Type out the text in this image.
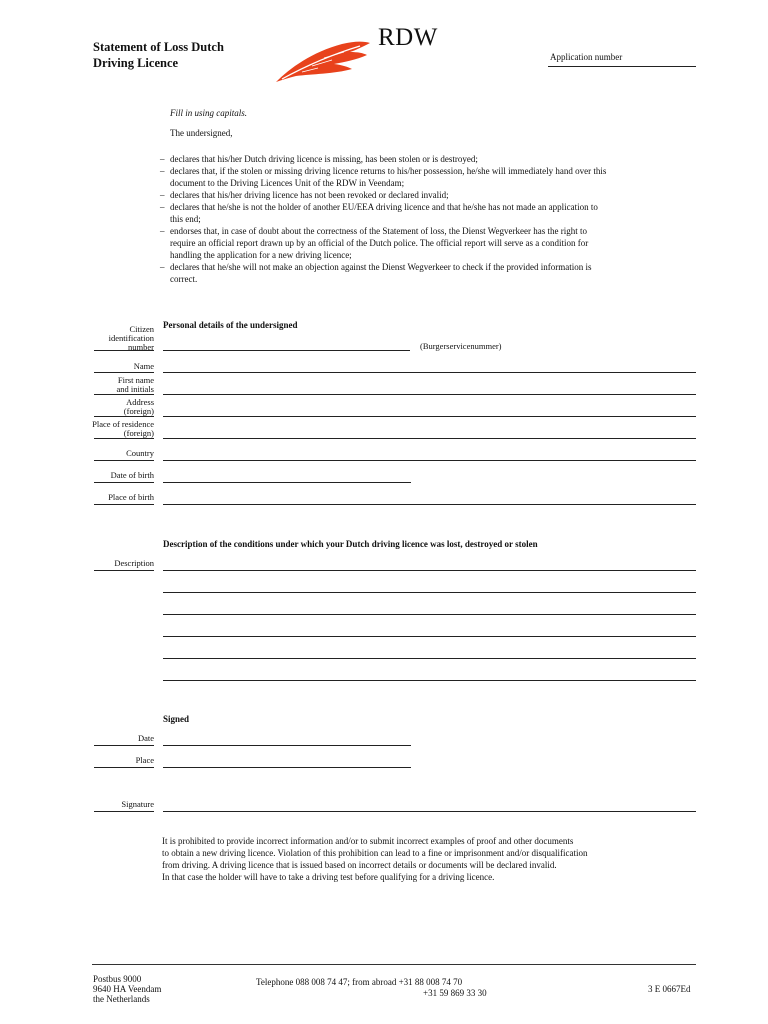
Statement of Loss Dutch
Driving Licence
RDW
Application number
Fill in using capitals.
The undersigned,
– declares that his/her Dutch driving licence is missing, has been stolen or is destroyed;
– declares that, if the stolen or missing driving licence returns to his/her possession, he/she will immediately hand over this document to the Driving Licences Unit of the RDW in Veendam;
– declares that his/her driving licence has not been revoked or declared invalid;
– declares that he/she is not the holder of another EU/EEA driving licence and that he/she has not made an application to this end;
– endorses that, in case of doubt about the correctness of the Statement of loss, the Dienst Wegverkeer has the right to require an official report drawn up by an official of the Dutch police. The official report will serve as a condition for handling the application for a new driving licence;
– declares that he/she will not make an objection against the Dienst Wegverkeer to check if the provided information is correct.
Personal details of the undersigned
Citizen
identification
number	(Burgerservicenummer)
Name
First name
and initials
Address
(foreign)
Place of residence
(foreign)
Country
Date of birth
Place of birth
Description of the conditions under which your Dutch driving licence was lost, destroyed or stolen
Description
Signed
Date
Place
Signature
It is prohibited to provide incorrect information and/or to submit incorrect examples of proof and other documents
to obtain a new driving licence. Violation of this prohibition can lead to a fine or imprisonment and/or disqualification
from driving. A driving licence that is issued based on incorrect details or documents will be declared invalid.
In that case the holder will have to take a driving test before qualifying for a driving licence.
Postbus 9000
9640 HA Veendam
the Netherlands
Telephone 088 008 74 47; from abroad +31 88 008 74 70
+31 59 869 33 30	3 E 0667Ed
